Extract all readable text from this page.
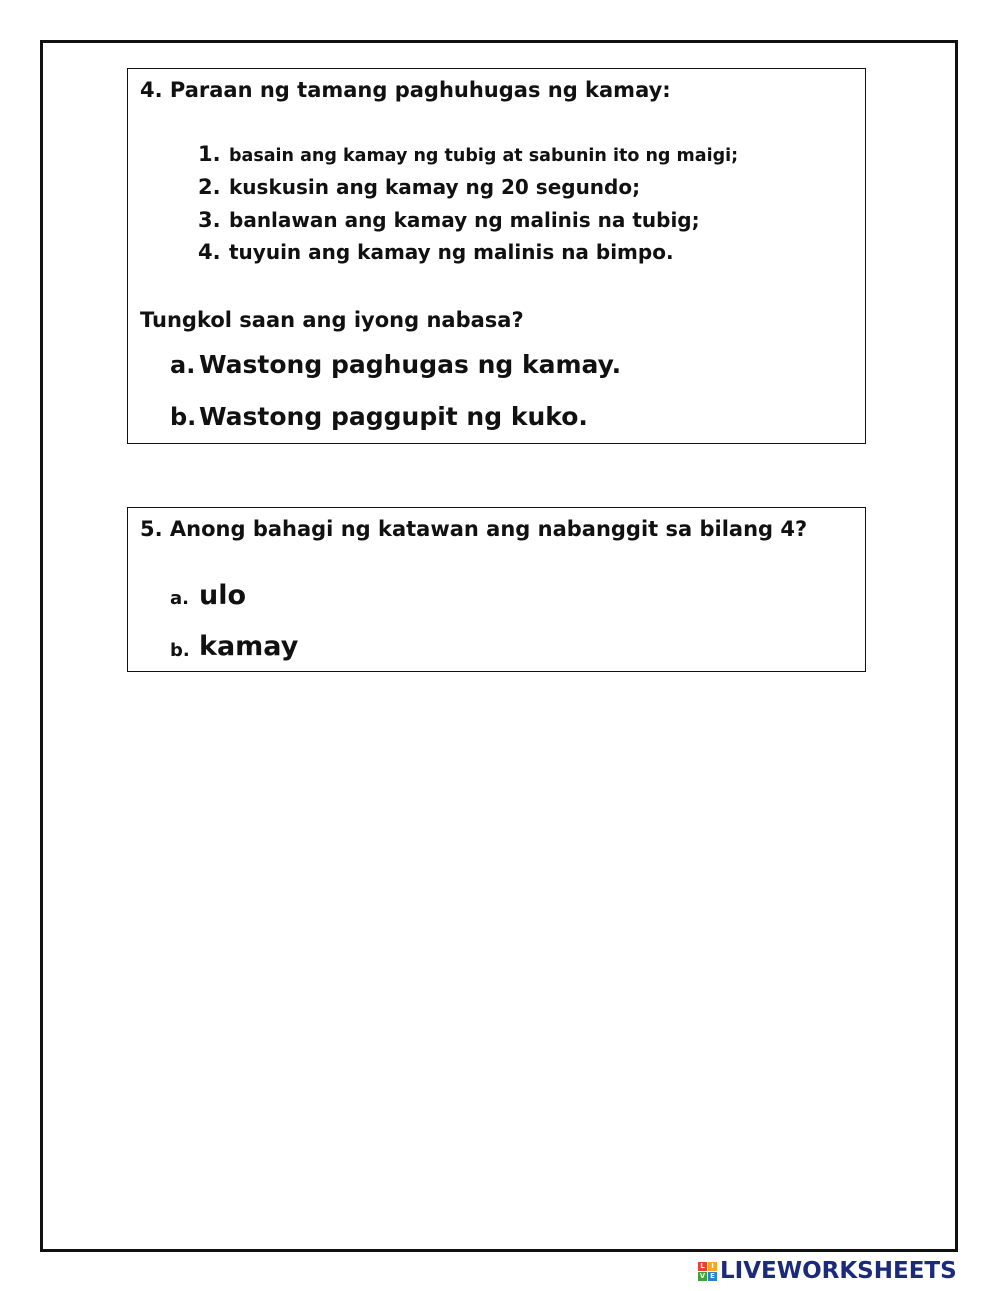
4. Paraan ng tamang paghuhugas ng kamay:
1. basain ang kamay ng tubig at sabunin ito ng maigi;
2. kuskusin ang kamay ng 20 segundo;
3. banlawan ang kamay ng malinis na tubig;
4. tuyuin ang kamay ng malinis na bimpo.
Tungkol saan ang iyong nabasa?
a. Wastong paghugas ng kamay.
b. Wastong paggupit ng kuko.
5. Anong bahagi ng katawan ang nabanggit sa bilang 4?
a. ulo
b. kamay
L I
V E LIVEWORKSHEETS
